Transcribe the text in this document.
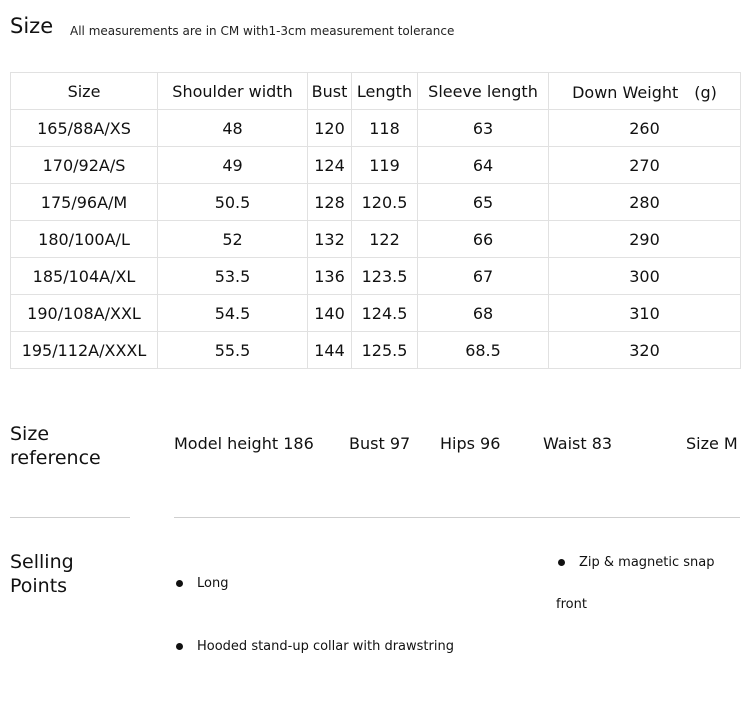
Size All measurements are in CM with1-3cm measurement tolerance
Size	Shoulder width	Bust	Length	Sleeve length	Down Weight　(g)
165/88A/XS	48	120	118	63	260
170/92A/S	49	124	119	64	270
175/96A/M	50.5	128	120.5	65	280
180/100A/L	52	132	122	66	290
185/104A/XL	53.5	136	123.5	67	300
190/108A/XXL	54.5	140	124.5	68	310
195/112A/XXXL	55.5	144	125.5	68.5	320
Size
reference
Model height 186 Bust 97 Hips 96	Waist 83	Size M
Selling
Points	Long
Hooded stand-up collar with drawstring
Zip & magnetic snap
front
